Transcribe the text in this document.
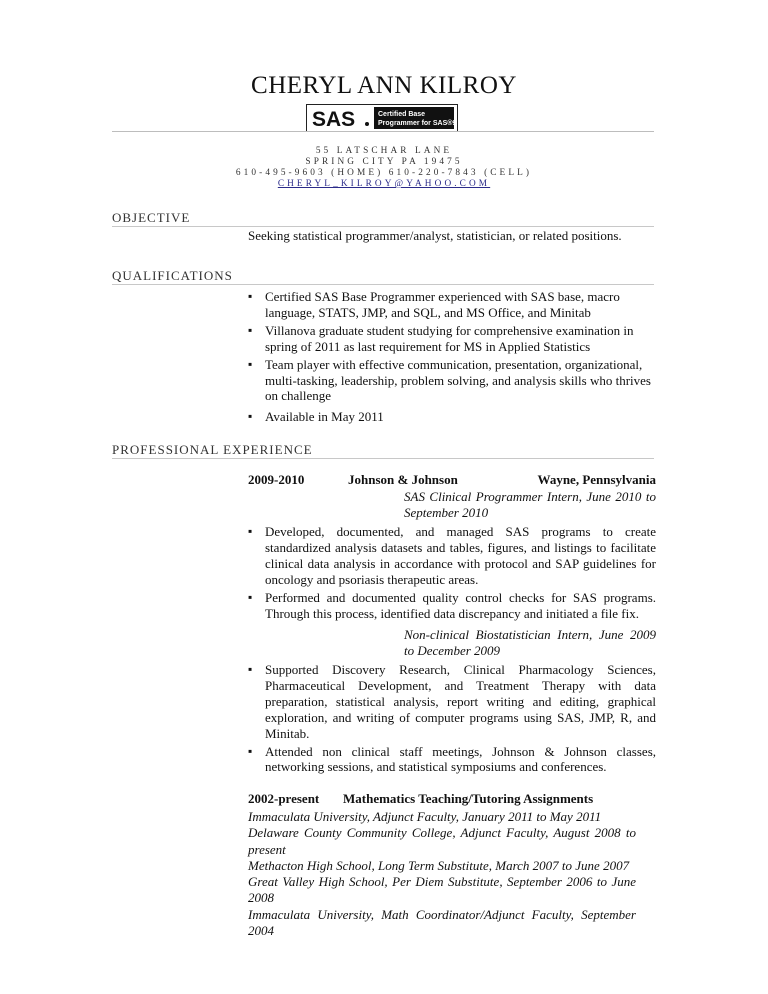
CHERYL ANN KILROY
SAS	Certified Base
Programmer for SAS®9
55 LATSCHAR LANE
SPRING CITY PA 19475
610-495-9603 (HOME) 610-220-7843 (CELL)
CHERYL_KILROY@YAHOO.COM
OBJECTIVE
Seeking statistical programmer/analyst, statistician, or related positions.
QUALIFICATIONS
▪ Certified SAS Base Programmer experienced with SAS base, macro language, STATS, JMP, and SQL, and MS Office, and Minitab
▪ Villanova graduate student studying for comprehensive examination in spring of 2011 as last requirement for MS in Applied Statistics
▪ Team player with effective communication, presentation, organizational, multi-tasking, leadership, problem solving, and analysis skills who thrives on challenge
▪ Available in May 2011
PROFESSIONAL EXPERIENCE
2009-2010	Johnson & Johnson	Wayne, Pennsylvania
SAS Clinical Programmer Intern, June 2010 to September 2010
▪ Developed, documented, and managed SAS programs to create standardized analysis datasets and tables, figures, and listings to facilitate clinical data analysis in accordance with protocol and SAP guidelines for oncology and psoriasis therapeutic areas.
▪ Performed and documented quality control checks for SAS programs. Through this process, identified data discrepancy and initiated a file fix.
Non-clinical Biostatistician Intern, June 2009 to December 2009
▪ Supported Discovery Research, Clinical Pharmacology Sciences, Pharmaceutical Development, and Treatment Therapy with data preparation, statistical analysis, report writing and editing, graphical exploration, and writing of computer programs using SAS, JMP, R, and Minitab.
▪ Attended non clinical staff meetings, Johnson & Johnson classes, networking sessions, and statistical symposiums and conferences.
2002-present Mathematics Teaching/Tutoring Assignments
Immaculata University, Adjunct Faculty, January 2011 to May 2011
Delaware County Community College, Adjunct Faculty, August 2008 to present
Methacton High School, Long Term Substitute, March 2007 to June 2007
Great Valley High School, Per Diem Substitute, September 2006 to June 2008
Immaculata University, Math Coordinator/Adjunct Faculty, September 2004
